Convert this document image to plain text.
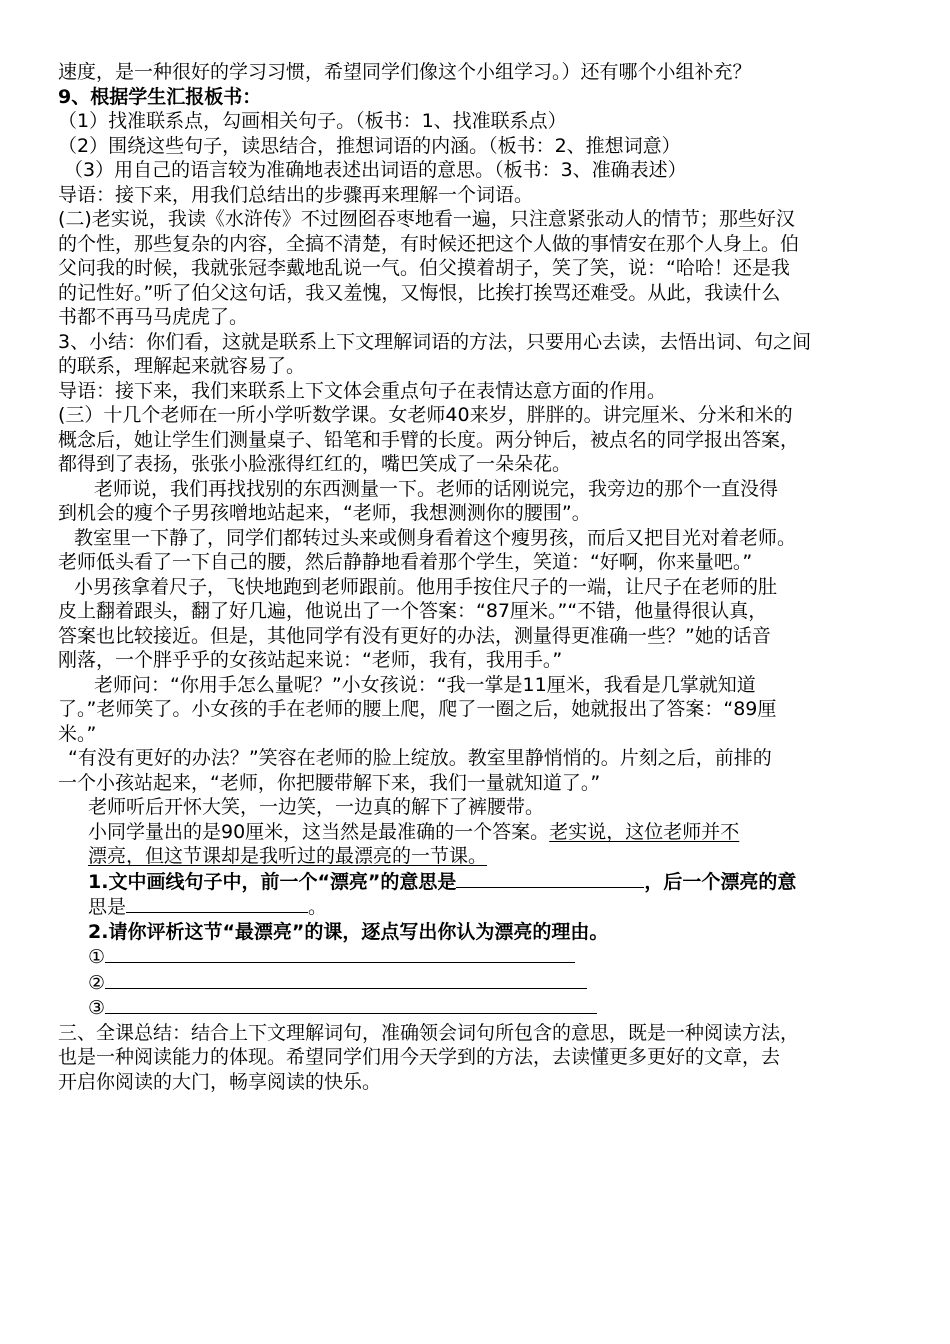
速度，是一种很好的学习习惯，希望同学们像这个小组学习。）还有哪个小组补充？

9、根据学生汇报板书：

（1）找准联系点，勾画相关句子。（板书：1、找准联系点）

（2）围绕这些句子，读思结合，推想词语的内涵。（板书：2、推想词意）

（3）用自己的语言较为准确地表述出词语的意思。（板书：3、准确表述）

导语：接下来，用我们总结出的步骤再来理解一个词语。

(二)老实说，我读《水浒传》不过囫囵吞枣地看一遍，只注意紧张动人的情节；那些好汉

的个性，那些复杂的内容，全搞不清楚，有时候还把这个人做的事情安在那个人身上。伯

父问我的时候，我就张冠李戴地乱说一气。伯父摸着胡子，笑了笑，说：“哈哈！还是我

的记性好。”听了伯父这句话，我又羞愧，又悔恨，比挨打挨骂还难受。从此，我读什么

书都不再马马虎虎了。

3、小结：你们看，这就是联系上下文理解词语的方法，只要用心去读，去悟出词、句之间

的联系，理解起来就容易了。

导语：接下来，我们来联系上下文体会重点句子在表情达意方面的作用。

(三）十几个老师在一所小学听数学课。女老师40来岁，胖胖的。讲完厘米、分米和米的

概念后，她让学生们测量桌子、铅笔和手臂的长度。两分钟后，被点名的同学报出答案，

都得到了表扬，张张小脸涨得红红的，嘴巴笑成了一朵朵花。

老师说，我们再找找别的东西测量一下。老师的话刚说完，我旁边的那个一直没得

到机会的瘦个子男孩噌地站起来，“老师，我想测测你的腰围”。

教室里一下静了，同学们都转过头来或侧身看着这个瘦男孩，而后又把目光对着老师。

老师低头看了一下自己的腰，然后静静地看着那个学生，笑道：“好啊，你来量吧。”

小男孩拿着尺子，飞快地跑到老师跟前。他用手按住尺子的一端，让尺子在老师的肚

皮上翻着跟头，翻了好几遍，他说出了一个答案：“87厘米。”“不错，他量得很认真，

答案也比较接近。但是，其他同学有没有更好的办法，测量得更准确一些？”她的话音

刚落，一个胖乎乎的女孩站起来说：“老师，我有，我用手。”

老师问：“你用手怎么量呢？”小女孩说：“我一掌是11厘米，我看是几掌就知道

了。”老师笑了。小女孩的手在老师的腰上爬，爬了一圈之后，她就报出了答案：“89厘

米。”

“有没有更好的办法？”笑容在老师的脸上绽放。教室里静悄悄的。片刻之后，前排的

一个小孩站起来，“老师，你把腰带解下来，我们一量就知道了。”

老师听后开怀大笑，一边笑，一边真的解下了裤腰带。

小同学量出的是90厘米，这当然是最准确的一个答案。老实说，这位老师并不

漂亮，但这节课却是我听过的最漂亮的一节课。

1.文中画线句子中，前一个“漂亮”的意思是	，后一个漂亮的意

思是	。

2.请你评析这节“最漂亮”的课，逐点写出你认为漂亮的理由。

①

②

③

三、全课总结：结合上下文理解词句，准确领会词句所包含的意思，既是一种阅读方法，

也是一种阅读能力的体现。希望同学们用今天学到的方法，去读懂更多更好的文章，去

开启你阅读的大门，畅享阅读的快乐。
